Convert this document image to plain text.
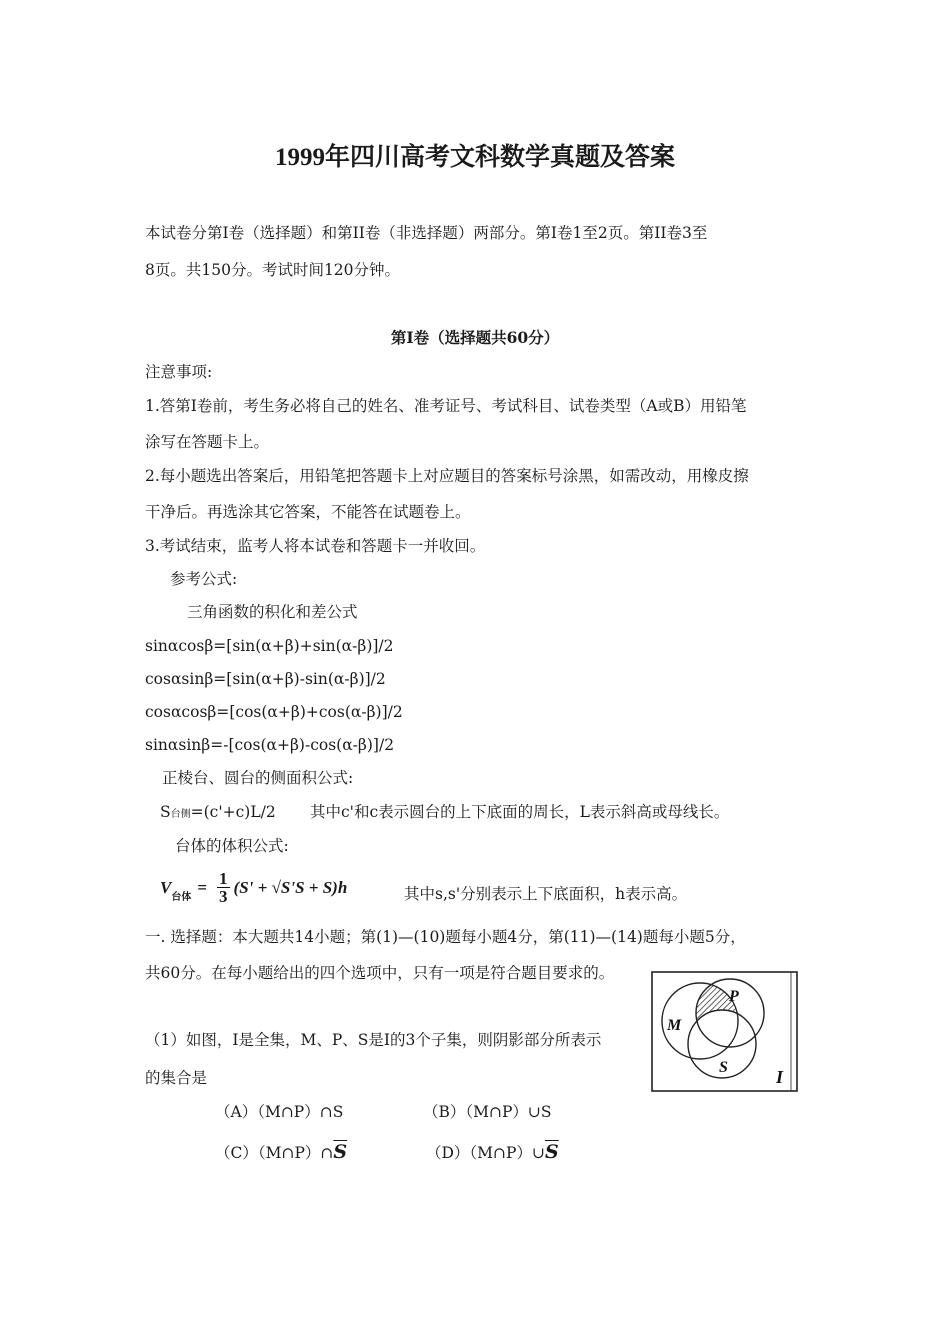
1999年四川高考文科数学真题及答案
本试卷分第Ⅰ卷（选择题）和第II卷（非选择题）两部分。第Ⅰ卷1至2页。第II卷3至
8页。共150分。考试时间120分钟。
第Ⅰ卷（选择题共60分）
注意事项:
1.答第Ⅰ卷前，考生务必将自己的姓名、准考证号、考试科目、试卷类型（A或B）用铅笔
涂写在答题卡上。
2.每小题选出答案后，用铅笔把答题卡上对应题目的答案标号涂黑，如需改动，用橡皮擦
干净后。再选涂其它答案，不能答在试题卷上。
3.考试结束，监考人将本试卷和答题卡一并收回。
参考公式:
三角函数的积化和差公式
sinαcosβ=[sin(α+β)+sin(α-β)]/2
cosαsinβ=[sin(α+β)-sin(α-β)]/2
cosαcosβ=[cos(α+β)+cos(α-β)]/2
sinαsinβ=-[cos(α+β)-cos(α-β)]/2
正棱台、圆台的侧面积公式:
S台侧=(c'+c)L/2 其中c'和c表示圆台的上下底面的周长，L表示斜高或母线长。
台体的体积公式:
V
台体
= $\frac{1}{3} (S' + √S'S + S)h$	其中s,s'分别表示上下底面积，h表示高。
一. 选择题：本大题共14小题；第(1)—(10)题每小题4分，第(11)—(14)题每小题5分，
共60分。在每小题给出的四个选项中，只有一项是符合题目要求的。
（1）如图，I是全集，M、P、S是I的3个子集，则阴影部分所表示
的集合是
（A）（M∩P）∩S	（B）（M∩P）∪S
$(C)(M\cap P)\cap\overline{S}$	$(D)(M\cap P)\cup\overline{S}$
M
P
S	I
